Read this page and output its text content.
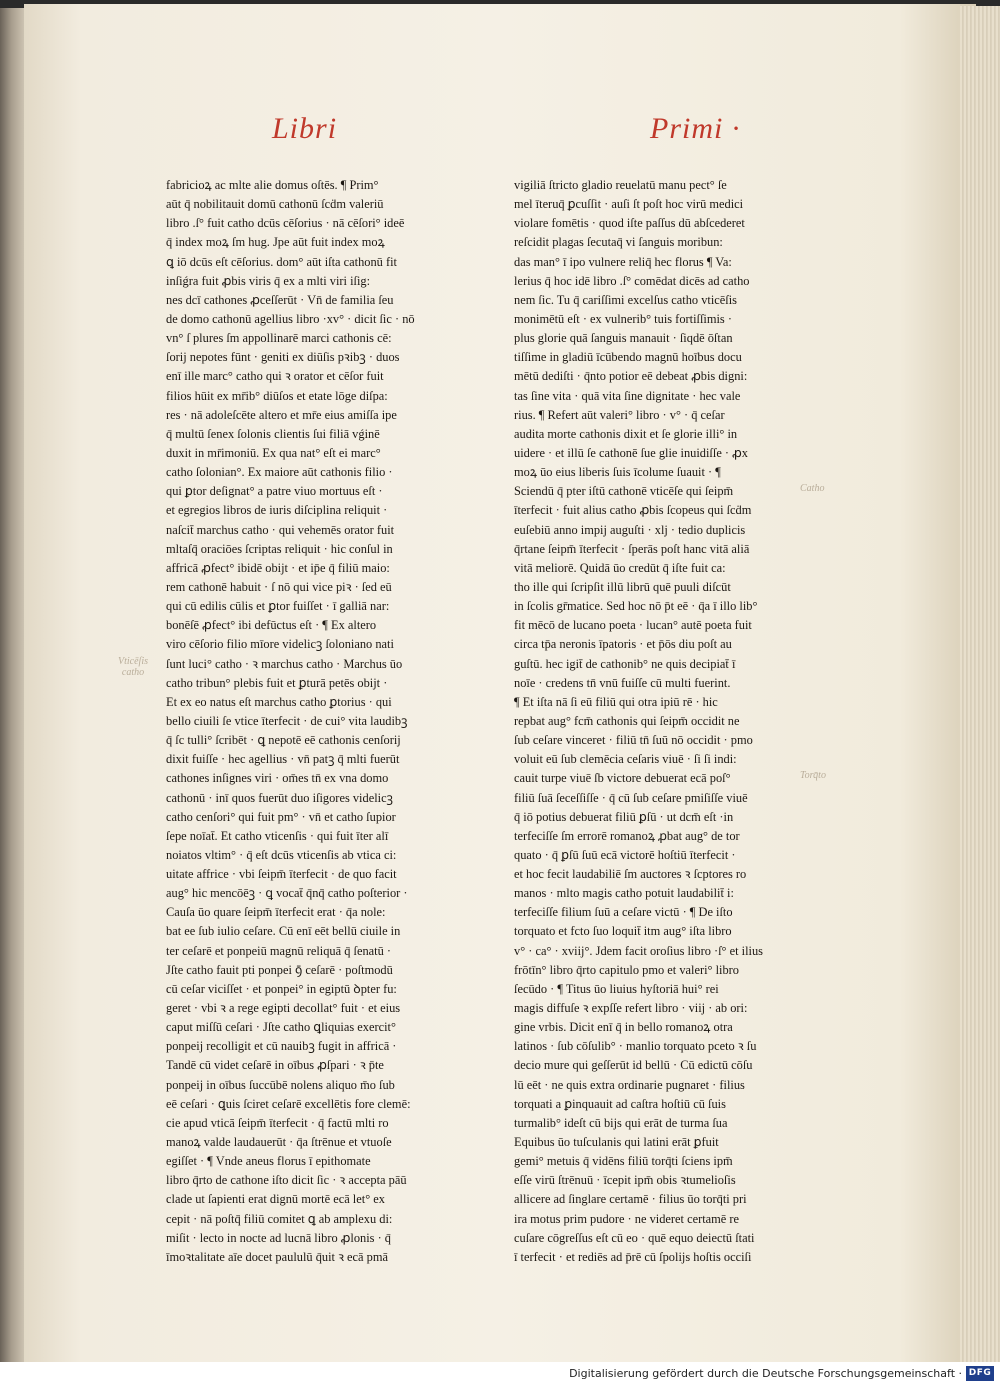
Libri	Primi ·
fabricioꝝ ac mlte alie domus oſtēs. ¶ Prim°
aūt q̄ nobilitauit domū cathonū ſcḋm valeriū
libro .ſ° fuit catho dcūs cēſorius · nā cēſori° ideē
q̄ index moꝝ ſm hug. Jpe aūt fuit index moꝝ
ꝗ iō dcūs eſt cēſorius. dom° aūt iſta cathonū fit
inſiǵra fuit ꝓbis viris q̄ ex a mlti viri iſig:
nes dcī cathones ꝓceſſerūt · Vn̄ de familia ſeu
de domo cathonū agellius libro ·xv° · dicit ſic · nō
vn° ſ plures ſm appollinarē marci cathonis cē:
ſorij nepotes fūnt · geniti ex diūſis pꝛibꝫ · duos
enī ille marc° catho qui ꝛ orator et cēſor fuit
filios hūit ex mr̄ib° diūſos et etate lōge diſpa:
res · nā adoleſcēte altero et mr̄e eius amiſſa ipe
q̄ multū ſenex ſolonis clientis ſui filiā vǵinē
duxit in mr̄imoniū. Ex qua nat° eſt ei marc°
catho ſolonian°. Ex maiore aūt cathonis filio ·
qui ꝑtor deſignat° a patre viuo mortuus eſt ·
et egregios libros de iuris diſciplina reliquit ·
naſcit̄ marchus catho · qui vehemēs orator fuit
mltaſq̄ oraciōes ſcriptas reliquit · hic conſul in
affricā ꝓfect° ibidē obijt · et ip̄e q̄ filiū maio:
rem cathonē habuit · ſ nō qui vice piꝛ · ſed eū
qui cū edilis cūlis et ꝑtor fuiſſet · ī galliā nar:
bonēſē ꝓfect° ibi defūctus eſt · ¶ Ex altero
viro cēſorio filio mīore videlicꝫ ſoloniano nati
ſunt luci° catho · ꝛ marchus catho · Marchus ūo
catho tribun° plebis fuit et ꝑturā petēs obijt ·
Et ex eo natus eſt marchus catho ꝑtorius · qui
bello ciuili ſe vtice īterfecit · de cui° vita laudibꝫ
q̄ ſc tulli° ſcribēt · ꝗ nepotē eē cathonis cenſorij
dixit fuiſſe · hec agellius · vn̄ patꝫ q̄ mlti fuerūt
cathones inſignes viri · om̄es tn̄ ex vna domo
cathonū · inī quos fuerūt duo iſigores videlicꝫ
catho cenſori° qui fuit pm° · vn̄ et catho ſupior
ſepe noīat̄. Et catho vticenſis · qui fuit īter alī
noiatos vltim° · q̄ eſt dcūs vticenſis ab vtica ci:
uitate affrice · vbi ſeipm̄ īterfecit · de quo facit
aug° hic mencōēꝫ · ꝗ vocat̄ q̄nq̄ catho poſterior ·
Cauſa ūo quare ſeipm̄ īterfecit erat · q̄a nole:
bat ee ſub iulio ceſare. Cū enī eēt bellū ciuile in
ter ceſarē et ponpeiū magnū reliquā q̄ ſenatū ·
Jſte catho fauit pti ponpei ꝯ̄ ceſarē · poſtmodū
cū ceſar viciſſet · et ponpei° in egiptū ꝺpter fu:
geret · vbi ꝛ a rege egipti decollat° fuit · et eius
caput miſſū ceſari · Jſte catho ꝗliquias exercit°
ponpeij recolligit et cū nauibꝫ fugit in affricā ·
Tandē cū videt ceſarē in oībus ꝓſpari · ꝛ p̄te
ponpeij in oībus ſuccūbē nolens aliquo m̄o ſub
eē ceſari · ꝗuis ſciret ceſarē excellētis fore clemē:
cie apud vticā ſeipm̄ īterfecit · q̄ factū mlti ro
manoꝝ valde laudauerūt · q̄a ſtrēnue et vtuoſe
egiſſet · ¶ Vnde aneus florus ī epithomate
libro q̄rto de cathone iſto dicit ſic · ꝛ accepta pāū
clade ut ſapienti erat dignū mortē ecā let° ex
cepit · nā poſtq̄ filiū comitet ꝗ ab amplexu di:
miſit · lecto in nocte ad lucnā libro ꝓlonis · q̄
īmoꝛtalitate aīe docet paululū q̄uit ꝛ ecā pmā
vigiliā ſtricto gladio reuelatū manu pect° ſe
mel īteruq̄ ꝑcuſſit · auſi ſt poſt hoc virū medici
violare fomētis · quod iſte paſſus dū abſcederet
reſcidit plagas ſecutaq̄ vi ſanguis moribun:
das man° ī ipo vulnere reliq̄ hec florus ¶ Va:
lerius q̄ hoc idē libro .ſ° comēdat dicēs ad catho
nem ſic. Tu q̄ cariſſimi excelſus catho vticēſis
monimētū eſt · ex vulnerib° tuis fortiſſimis ·
plus glorie quā ſanguis manauit · ſiqdē ōſtan
tiſſime in gladiū īcūbendo magnū hoībus docu
mētū dediſti · q̄nto potior eē debeat ꝓbis digni:
tas ſine vita · quā vita ſine dignitate · hec vale
rius. ¶ Refert aūt valeri° libro · v° · q̄ ceſar
audita morte cathonis dixit et ſe glorie illi° in
uidere · et illū ſe cathonē ſue glie inuidiſſe · ꝓx
moꝝ ūo eius liberis ſuis īcolume ſuauit · ¶
Sciendū q̄ pter iſtū cathonē vticēſe qui ſeipm̄
īterfecit · fuit alius catho ꝓbis ſcopeus qui ſcḋm
euſebiū anno impij auguſti · xlj · tedio duplicis
q̄rtane ſeipm̄ īterfecit · ſperās poſt hanc vitā aliā
vitā meliorē. Quidā ūo credūt q̄ iſte fuit ca:
tho ille qui ſcripſit illū librū quē puuli diſcūt
in ſcolis gr̄matice. Sed hoc nō p̄t eē · q̄a ī illo lib°
fit mēcō de lucano poeta · lucan° autē poeta fuit
circa tp̄a neronis īpatoris · et p̄ōs diu poſt au
guſtū. hec igit̄ de cathonib° ne quis decipiat̄ ī
noīe · credens tn̄ vnū fuiſſe cū multi fuerint.
¶ Et iſta nā ſi eū filiū qui otra ipiū rē · hic
repbat aug° fcm̄ cathonis qui ſeipm̄ occidit ne
ſub ceſare vinceret · filiū tn̄ ſuū nō occidit · pmo
voluit eū ſub clemēcia ceſaris viuē · ſi ſi indi:
cauit turpe viuē ſb victore debuerat ecā poſ°
filiū ſuā ſeceſſiſſe · q̄ cū ſub ceſare pmiſiſſe viuē
q̄ iō potius debuerat filiū ꝑſū · ut dcm̄ eſt ·in
terfeciſſe ſm errorē romanoꝝ ꝓbat aug° de tor
quato · q̄ ꝑſū ſuū ecā victorē hoſtiū īterfecit ·
et hoc fecit laudabiliē ſm auctores ꝛ ſcptores ro
manos · mlto magis catho potuit laudabilit̄ i:
terfeciſſe filium ſuū a ceſare victū · ¶ De iſto
torquato et fcto ſuo loquit̄ itm aug° iſta libro
v° · ca° · xviij°. Jdem facit oroſius libro ·ſ° et ilius
frōtīn° libro q̄rto capitulo pmo et valeri° libro
ſecūdo · ¶ Titus ūo liuius hyſtoriā hui° rei
magis diffuſe ꝛ expſſe refert libro · viij · ab ori:
gine vrbis. Dicit enī q̄ in bello romanoꝝ otra
latinos · ſub cōſulib° · manlio torquato pceto ꝛ ſu
decio mure qui geſſerūt id bellū · Cū edictū cōſu
lū eēt · ne quis extra ordinarie pugnaret · filius
torquati a ꝑinquauit ad caſtra hoſtiū cū ſuis
turmalib° ideſt cū bijs qui erāt de turma ſua
Equibus ūo tuſculanis qui latini erāt ꝑfuit
gemi° metuis q̄ vidēns filiū torq̄ti ſciens ipm̄
eſſe virū ſtrēnuū · īcepit ipm̄ obis ꝛtumelioſis
allicere ad ſinglare certamē · filius ūo torq̄ti pri
ira motus prim pudore · ne videret certamē re
cuſare cōgreſſus eſt cū eo · quē equo deiectū ſtati
ī terfecit · et rediēs ad p̄rē cū ſpolijs hoſtis occiſi
Vticēſis catho
Catho
Torq̄to
Digitalisierung gefördert durch die Deutsche Forschungsgemeinschaft · DFG
